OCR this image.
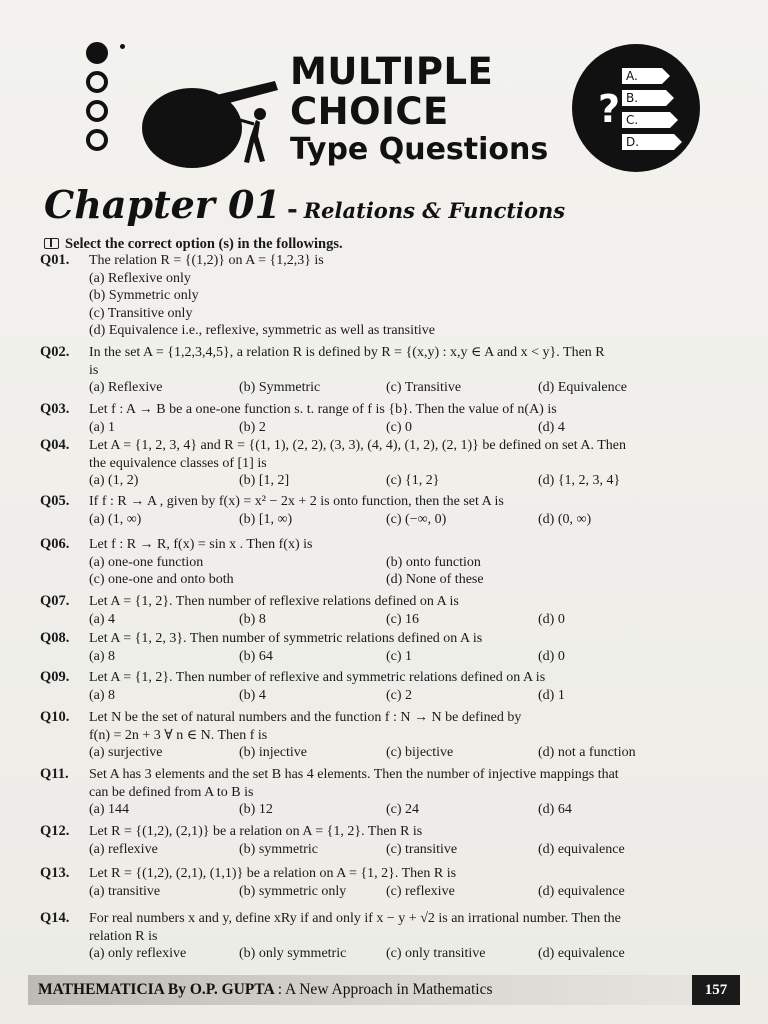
MULTIPLE
CHOICE
Type Questions
?
A.
B.
C.
D.
Chapter 01 - Relations & Functions
Select the correct option (s) in the followings.
Q01. The relation R = {(1,2)} on A = {1,2,3} is
(a) Reflexive only
(b) Symmetric only
(c) Transitive only
(d) Equivalence i.e., reflexive, symmetric as well as transitive
Q02. In the set A = {1,2,3,4,5}, a relation R is defined by R = {(x,y) : x,y ∈ A and x < y}. Then R
is
(a) Reflexive	(b) Symmetric	(c) Transitive	(d) Equivalence
Q03. Let f : A → B be a one-one function s. t. range of f is {b}. Then the value of n(A) is
(a) 1	(b) 2	(c) 0	(d) 4
Q04. Let A = {1, 2, 3, 4} and R = {(1, 1), (2, 2), (3, 3), (4, 4), (1, 2), (2, 1)} be defined on set A. Then
the equivalence classes of [1] is
(a) (1, 2)	(b) [1, 2]	(c) {1, 2}	(d) {1, 2, 3, 4}
Q05. If f : R → A , given by f(x) = x² − 2x + 2 is onto function, then the set A is
(a) (1, ∞)	(b) [1, ∞)	(c) (−∞, 0)	(d) (0, ∞)
Q06. Let f : R → R, f(x) = sin x . Then f(x) is
(a) one-one function	(b) onto function
(c) one-one and onto both	(d) None of these
Q07. Let A = {1, 2}. Then number of reflexive relations defined on A is
(a) 4	(b) 8	(c) 16	(d) 0
Q08. Let A = {1, 2, 3}. Then number of symmetric relations defined on A is
(a) 8	(b) 64	(c) 1	(d) 0
Q09. Let A = {1, 2}. Then number of reflexive and symmetric relations defined on A is
(a) 8	(b) 4	(c) 2	(d) 1
Q10. Let N be the set of natural numbers and the function f : N → N be defined by
f(n) = 2n + 3 ∀ n ∈ N. Then f is
(a) surjective	(b) injective	(c) bijective	(d) not a function
Q11. Set A has 3 elements and the set B has 4 elements. Then the number of injective mappings that
can be defined from A to B is
(a) 144	(b) 12	(c) 24	(d) 64
Q12. Let R = {(1,2), (2,1)} be a relation on A = {1, 2}. Then R is
(a) reflexive	(b) symmetric	(c) transitive	(d) equivalence
Q13. Let R = {(1,2), (2,1), (1,1)} be a relation on A = {1, 2}. Then R is
(a) transitive	(b) symmetric only	(c) reflexive	(d) equivalence
Q14. For real numbers x and y, define xRy if and only if x − y + √2 is an irrational number. Then the
relation R is
(a) only reflexive	(b) only symmetric	(c) only transitive	(d) equivalence
MATHEMATICIA By O.P. GUPTA : A New Approach in Mathematics	157
